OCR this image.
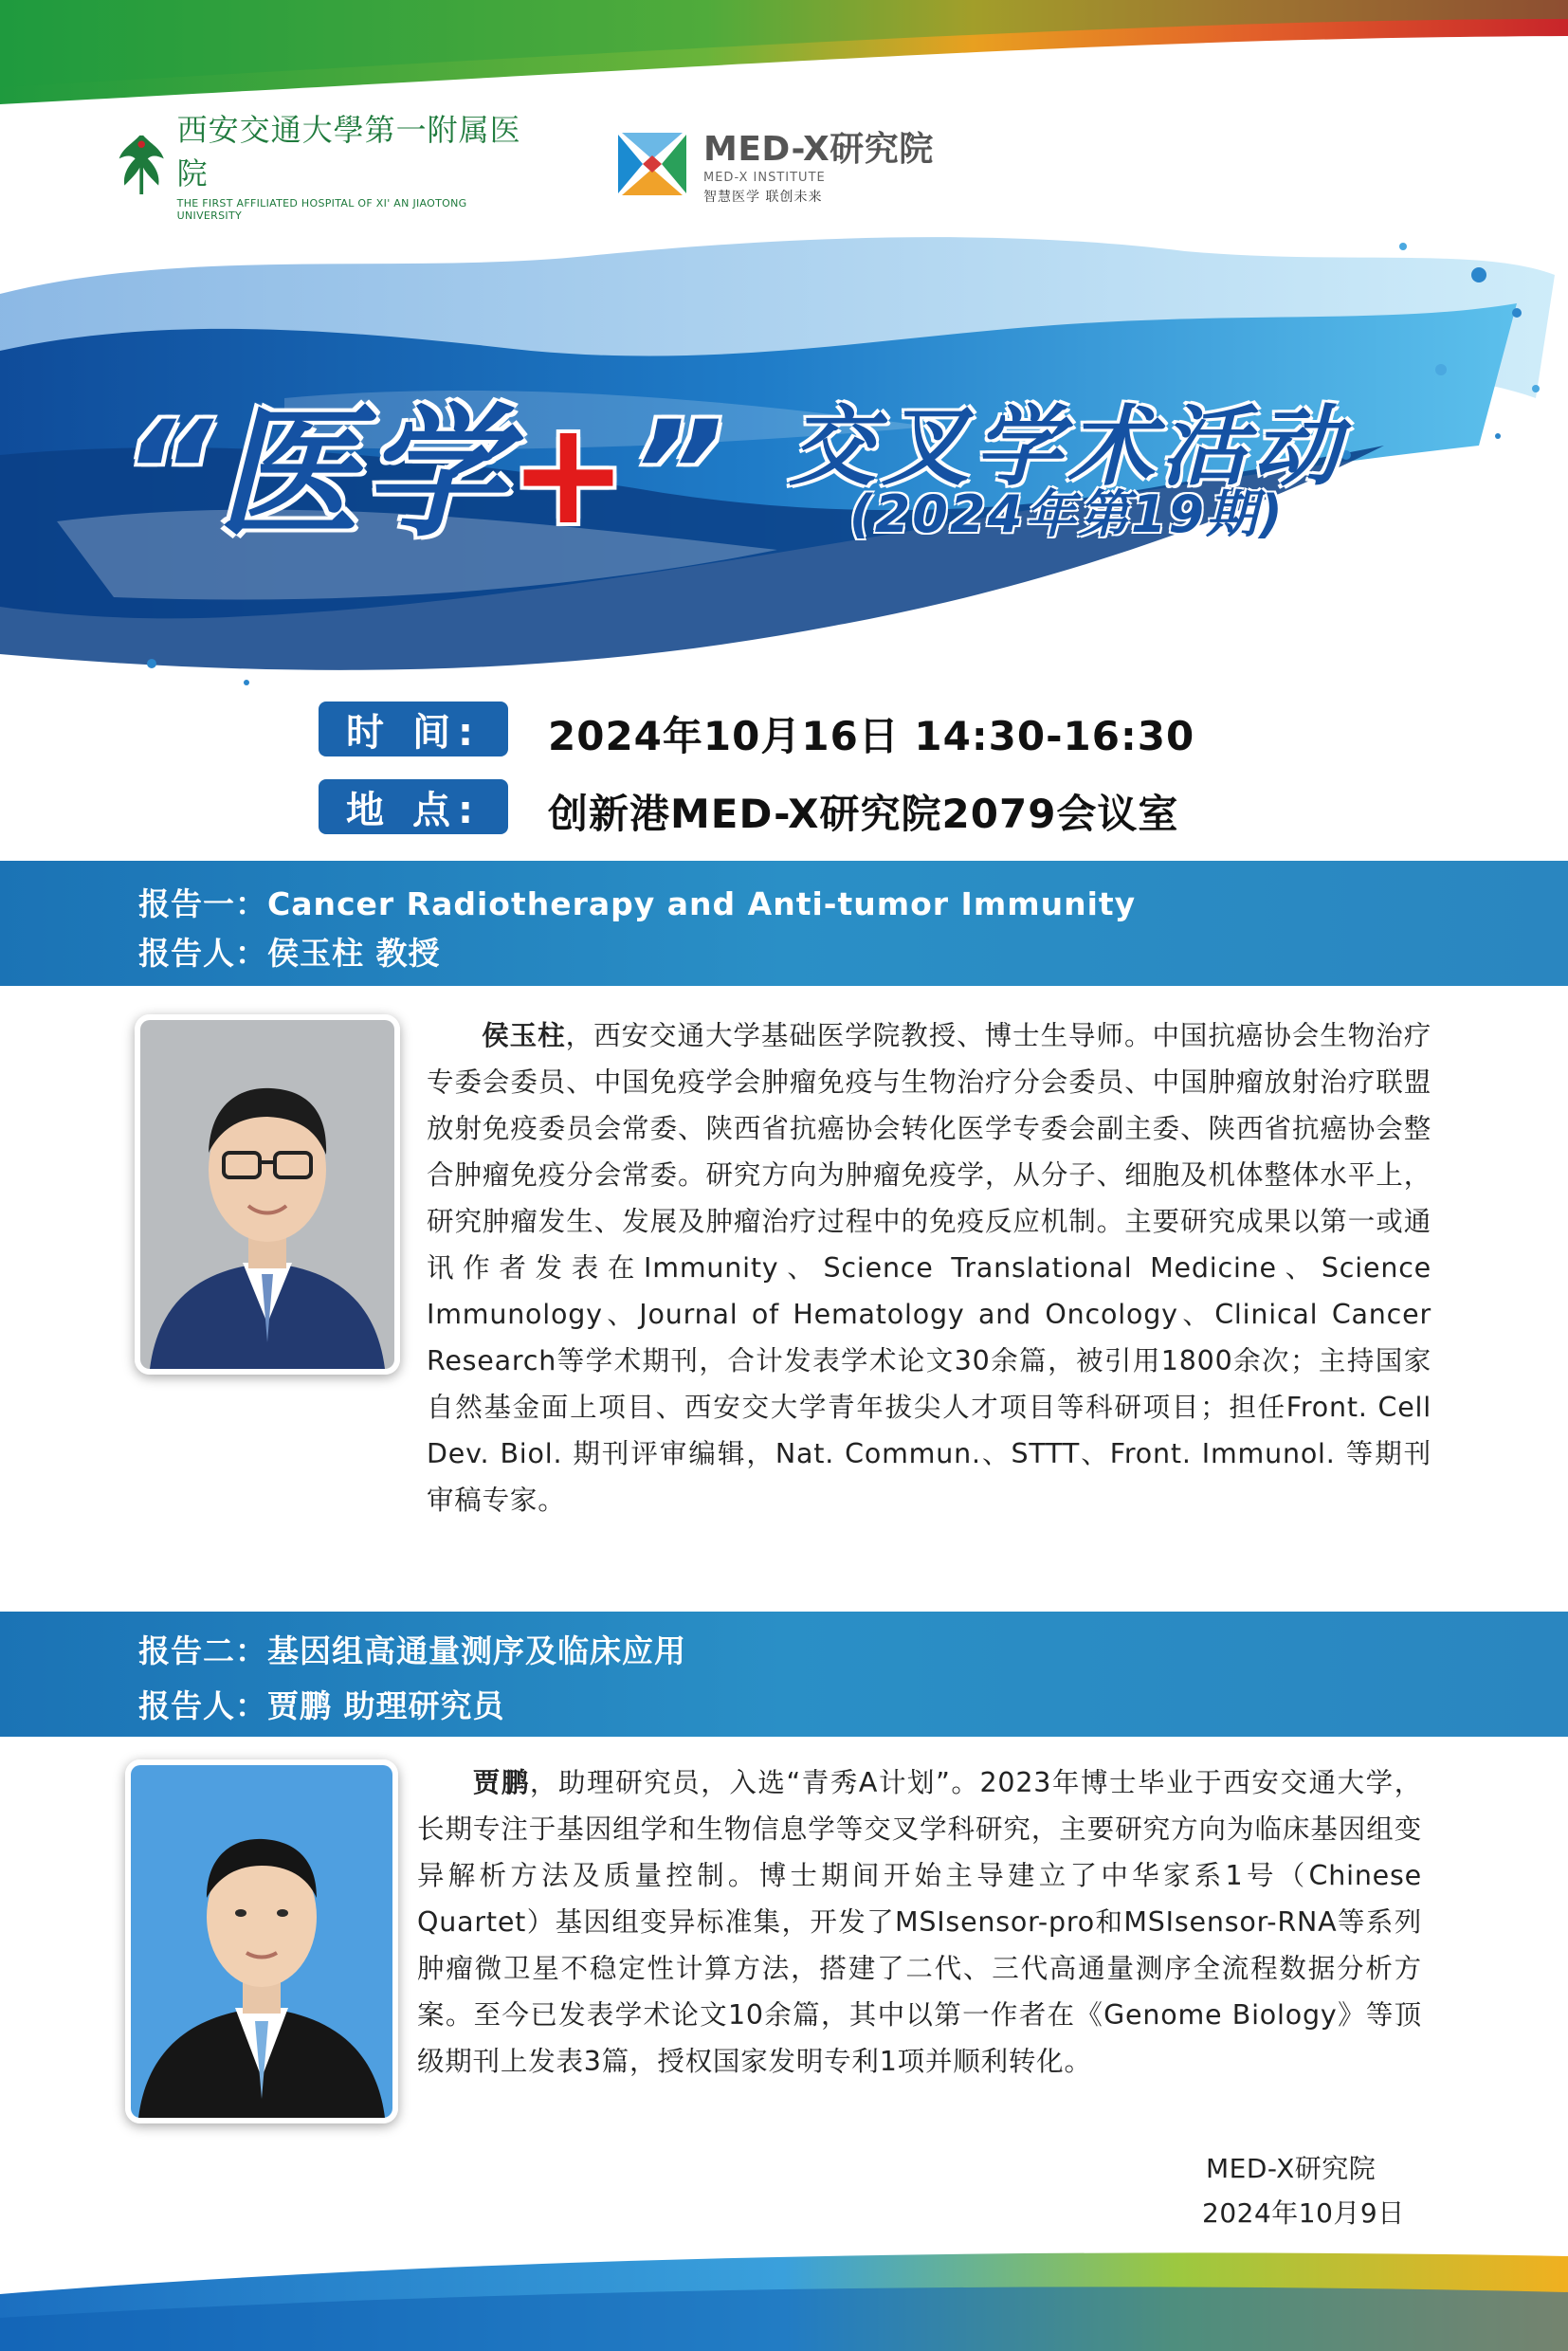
西安交通大學第一附属医院
THE FIRST AFFILIATED HOSPITAL OF XI' AN JIAOTONG UNIVERSITY
MED-X研究院
MED-X INSTITUTE
智慧医学 联创未来
“医学+” 交叉学术活动
(2024年第19期)
时 间:	2024年10月16日 14:30-16:30
地 点:	创新港MED-X研究院2079会议室
报告一：Cancer Radiotherapy and Anti-tumor Immunity
报告人：侯玉柱 教授
侯玉柱，西安交通大学基础医学院教授、博士生导师。中国抗癌协会生物治疗专委会委员、中国免疫学会肿瘤免疫与生物治疗分会委员、中国肿瘤放射治疗联盟放射免疫委员会常委、陕西省抗癌协会转化医学专委会副主委、陕西省抗癌协会整合肿瘤免疫分会常委。研究方向为肿瘤免疫学，从分子、细胞及机体整体水平上，研究肿瘤发生、发展及肿瘤治疗过程中的免疫反应机制。主要研究成果以第一或通讯作者发表在Immunity、Science Translational Medicine、Science Immunology、Journal of Hematology and Oncology、Clinical Cancer Research等学术期刊，合计发表学术论文30余篇，被引用1800余次；主持国家自然基金面上项目、西安交大学青年拔尖人才项目等科研项目；担任Front. Cell Dev. Biol. 期刊评审编辑，Nat. Commun.、STTT、Front. Immunol. 等期刊审稿专家。
报告二：基因组高通量测序及临床应用
报告人：贾鹏 助理研究员
贾鹏，助理研究员，入选“青秀A计划”。2023年博士毕业于西安交通大学，长期专注于基因组学和生物信息学等交叉学科研究，主要研究方向为临床基因组变异解析方法及质量控制。博士期间开始主导建立了中华家系1号（Chinese Quartet）基因组变异标准集，开发了MSIsensor-pro和MSIsensor-RNA等系列肿瘤微卫星不稳定性计算方法，搭建了二代、三代高通量测序全流程数据分析方案。至今已发表学术论文10余篇，其中以第一作者在《Genome Biology》等顶级期刊上发表3篇，授权国家发明专利1项并顺利转化。
MED-X研究院
2024年10月9日
